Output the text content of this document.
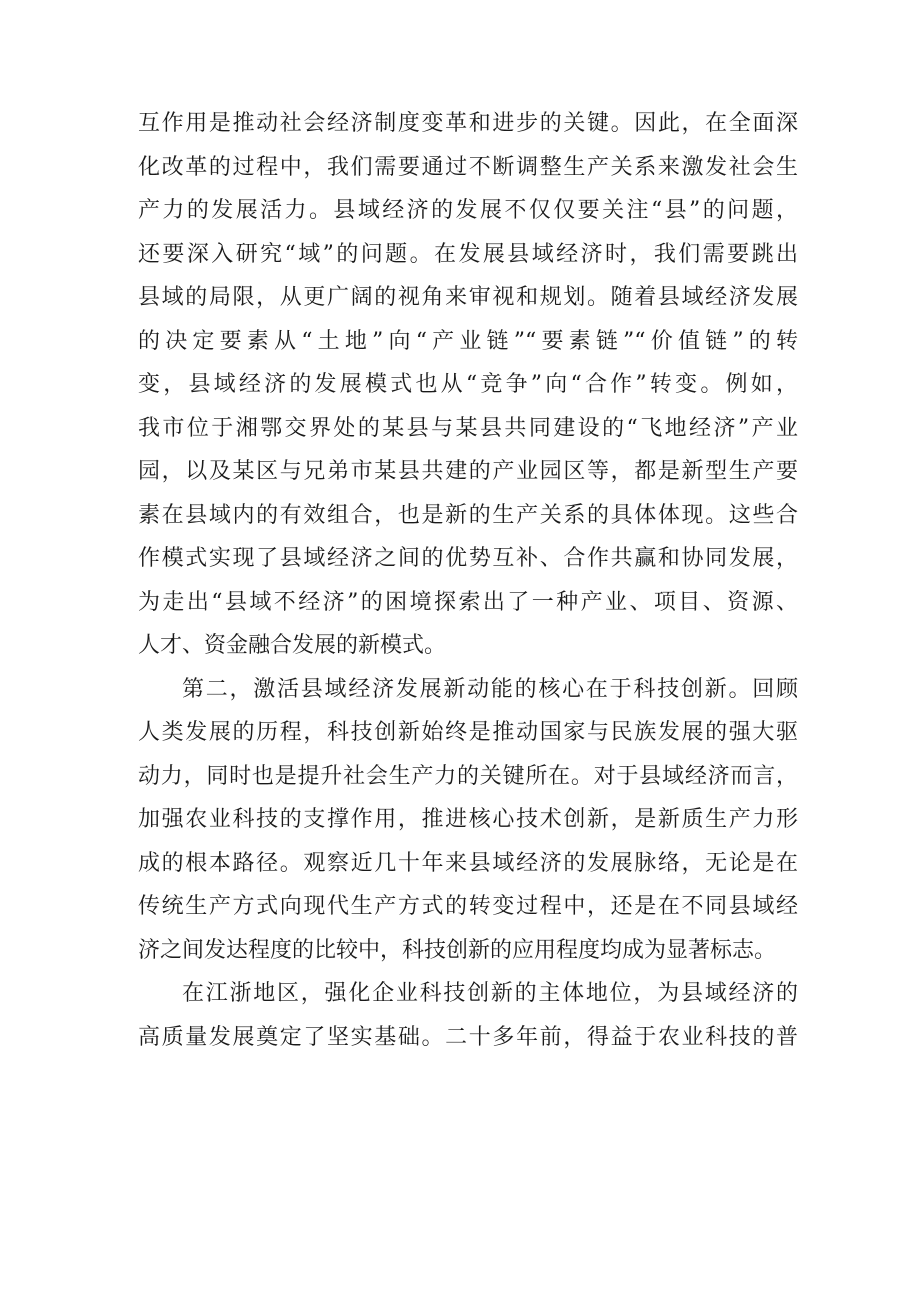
互作用是推动社会经济制度变革和进步的关键。因此，在全面深
化改革的过程中，我们需要通过不断调整生产关系来激发社会生
产力的发展活力。县域经济的发展不仅仅要关注“县”的问题，
还要深入研究“域”的问题。在发展县域经济时，我们需要跳出
县域的局限，从更广阔的视角来审视和规划。随着县域经济发展
的决定要素从“土地”向“产业链”“要素链”“价值链”的转
变，县域经济的发展模式也从“竞争”向“合作”转变。例如，
我市位于湘鄂交界处的某县与某县共同建设的“飞地经济”产业
园，以及某区与兄弟市某县共建的产业园区等，都是新型生产要
素在县域内的有效组合，也是新的生产关系的具体体现。这些合
作模式实现了县域经济之间的优势互补、合作共赢和协同发展，
为走出“县域不经济”的困境探索出了一种产业、项目、资源、
人才、资金融合发展的新模式。
第二，激活县域经济发展新动能的核心在于科技创新。回顾
人类发展的历程，科技创新始终是推动国家与民族发展的强大驱
动力，同时也是提升社会生产力的关键所在。对于县域经济而言，
加强农业科技的支撑作用，推进核心技术创新，是新质生产力形
成的根本路径。观察近几十年来县域经济的发展脉络，无论是在
传统生产方式向现代生产方式的转变过程中，还是在不同县域经
济之间发达程度的比较中，科技创新的应用程度均成为显著标志。
在江浙地区，强化企业科技创新的主体地位，为县域经济的
高质量发展奠定了坚实基础。二十多年前，得益于农业科技的普
